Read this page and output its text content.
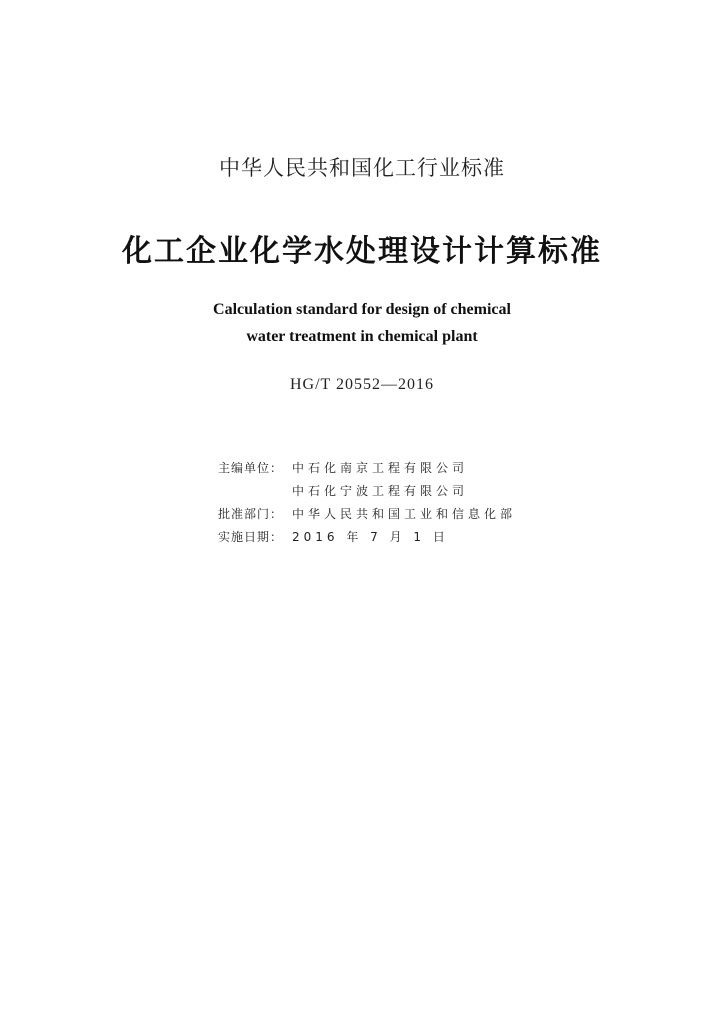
中华人民共和国化工行业标准
化工企业化学水处理设计计算标准
Calculation standard for design of chemical
water treatment in chemical plant
HG/T 20552—2016
主编单位： 中石化南京工程有限公司
中石化宁波工程有限公司
批准部门： 中华人民共和国工业和信息化部
实施日期： 2016 年 7 月 1 日
